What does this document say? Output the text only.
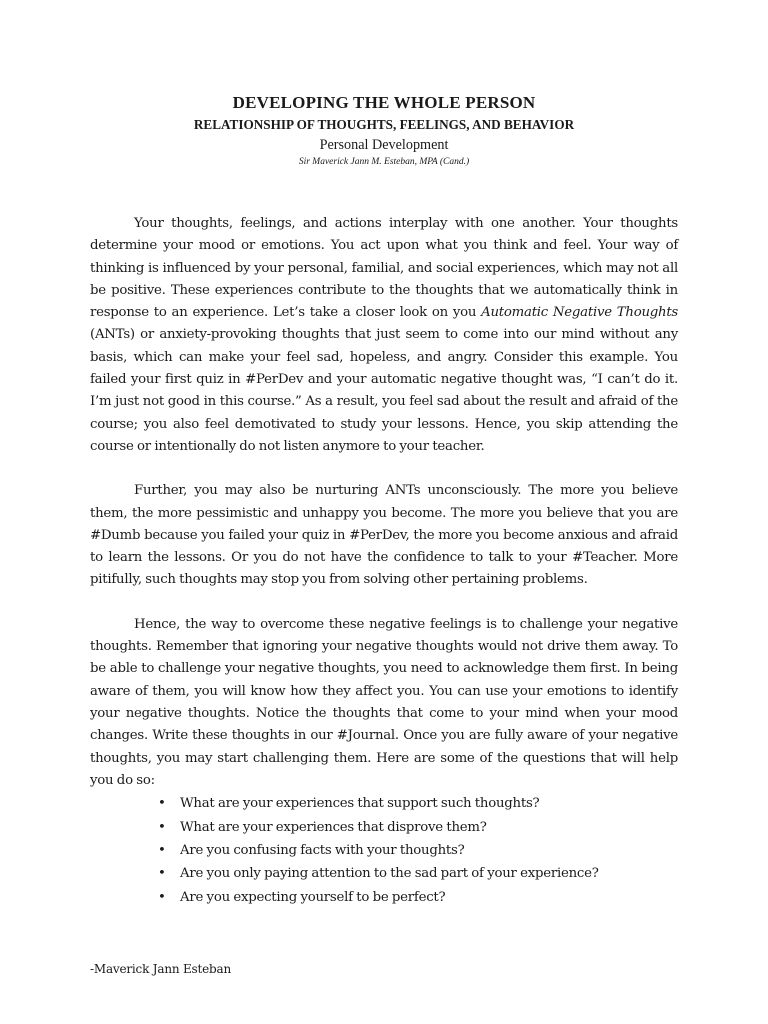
DEVELOPING THE WHOLE PERSON
RELATIONSHIP OF THOUGHTS, FEELINGS, AND BEHAVIOR
Personal Development
Sir Maverick Jann M. Esteban, MPA (Cand.)

Your thoughts, feelings, and actions interplay with one another. Your thoughts determine your mood or emotions. You act upon what you think and feel. Your way of thinking is influenced by your personal, familial, and social experiences, which may not all be positive. These experiences contribute to the thoughts that we automatically think in response to an experience. Let’s take a closer look on you Automatic Negative Thoughts (ANTs) or anxiety-provoking thoughts that just seem to come into our mind without any basis, which can make your feel sad, hopeless, and angry. Consider this example. You failed your first quiz in #PerDev and your automatic negative thought was, “I can’t do it. I’m just not good in this course.” As a result, you feel sad about the result and afraid of the course; you also feel demotivated to study your lessons. Hence, you skip attending the course or intentionally do not listen anymore to your teacher.

Further, you may also be nurturing ANTs unconsciously. The more you believe them, the more pessimistic and unhappy you become. The more you believe that you are #Dumb because you failed your quiz in #PerDev, the more you become anxious and afraid to learn the lessons. Or you do not have the confidence to talk to your #Teacher. More pitifully, such thoughts may stop you from solving other pertaining problems.

Hence, the way to overcome these negative feelings is to challenge your negative thoughts. Remember that ignoring your negative thoughts would not drive them away. To be able to challenge your negative thoughts, you need to acknowledge them first. In being aware of them, you will know how they affect you. You can use your emotions to identify your negative thoughts. Notice the thoughts that come to your mind when your mood changes. Write these thoughts in our #Journal. Once you are fully aware of your negative thoughts, you may start challenging them. Here are some of the questions that will help you do so:

• What are your experiences that support such thoughts?
• What are your experiences that disprove them?
• Are you confusing facts with your thoughts?
• Are you only paying attention to the sad part of your experience?
• Are you expecting yourself to be perfect?
-Maverick Jann Esteban
